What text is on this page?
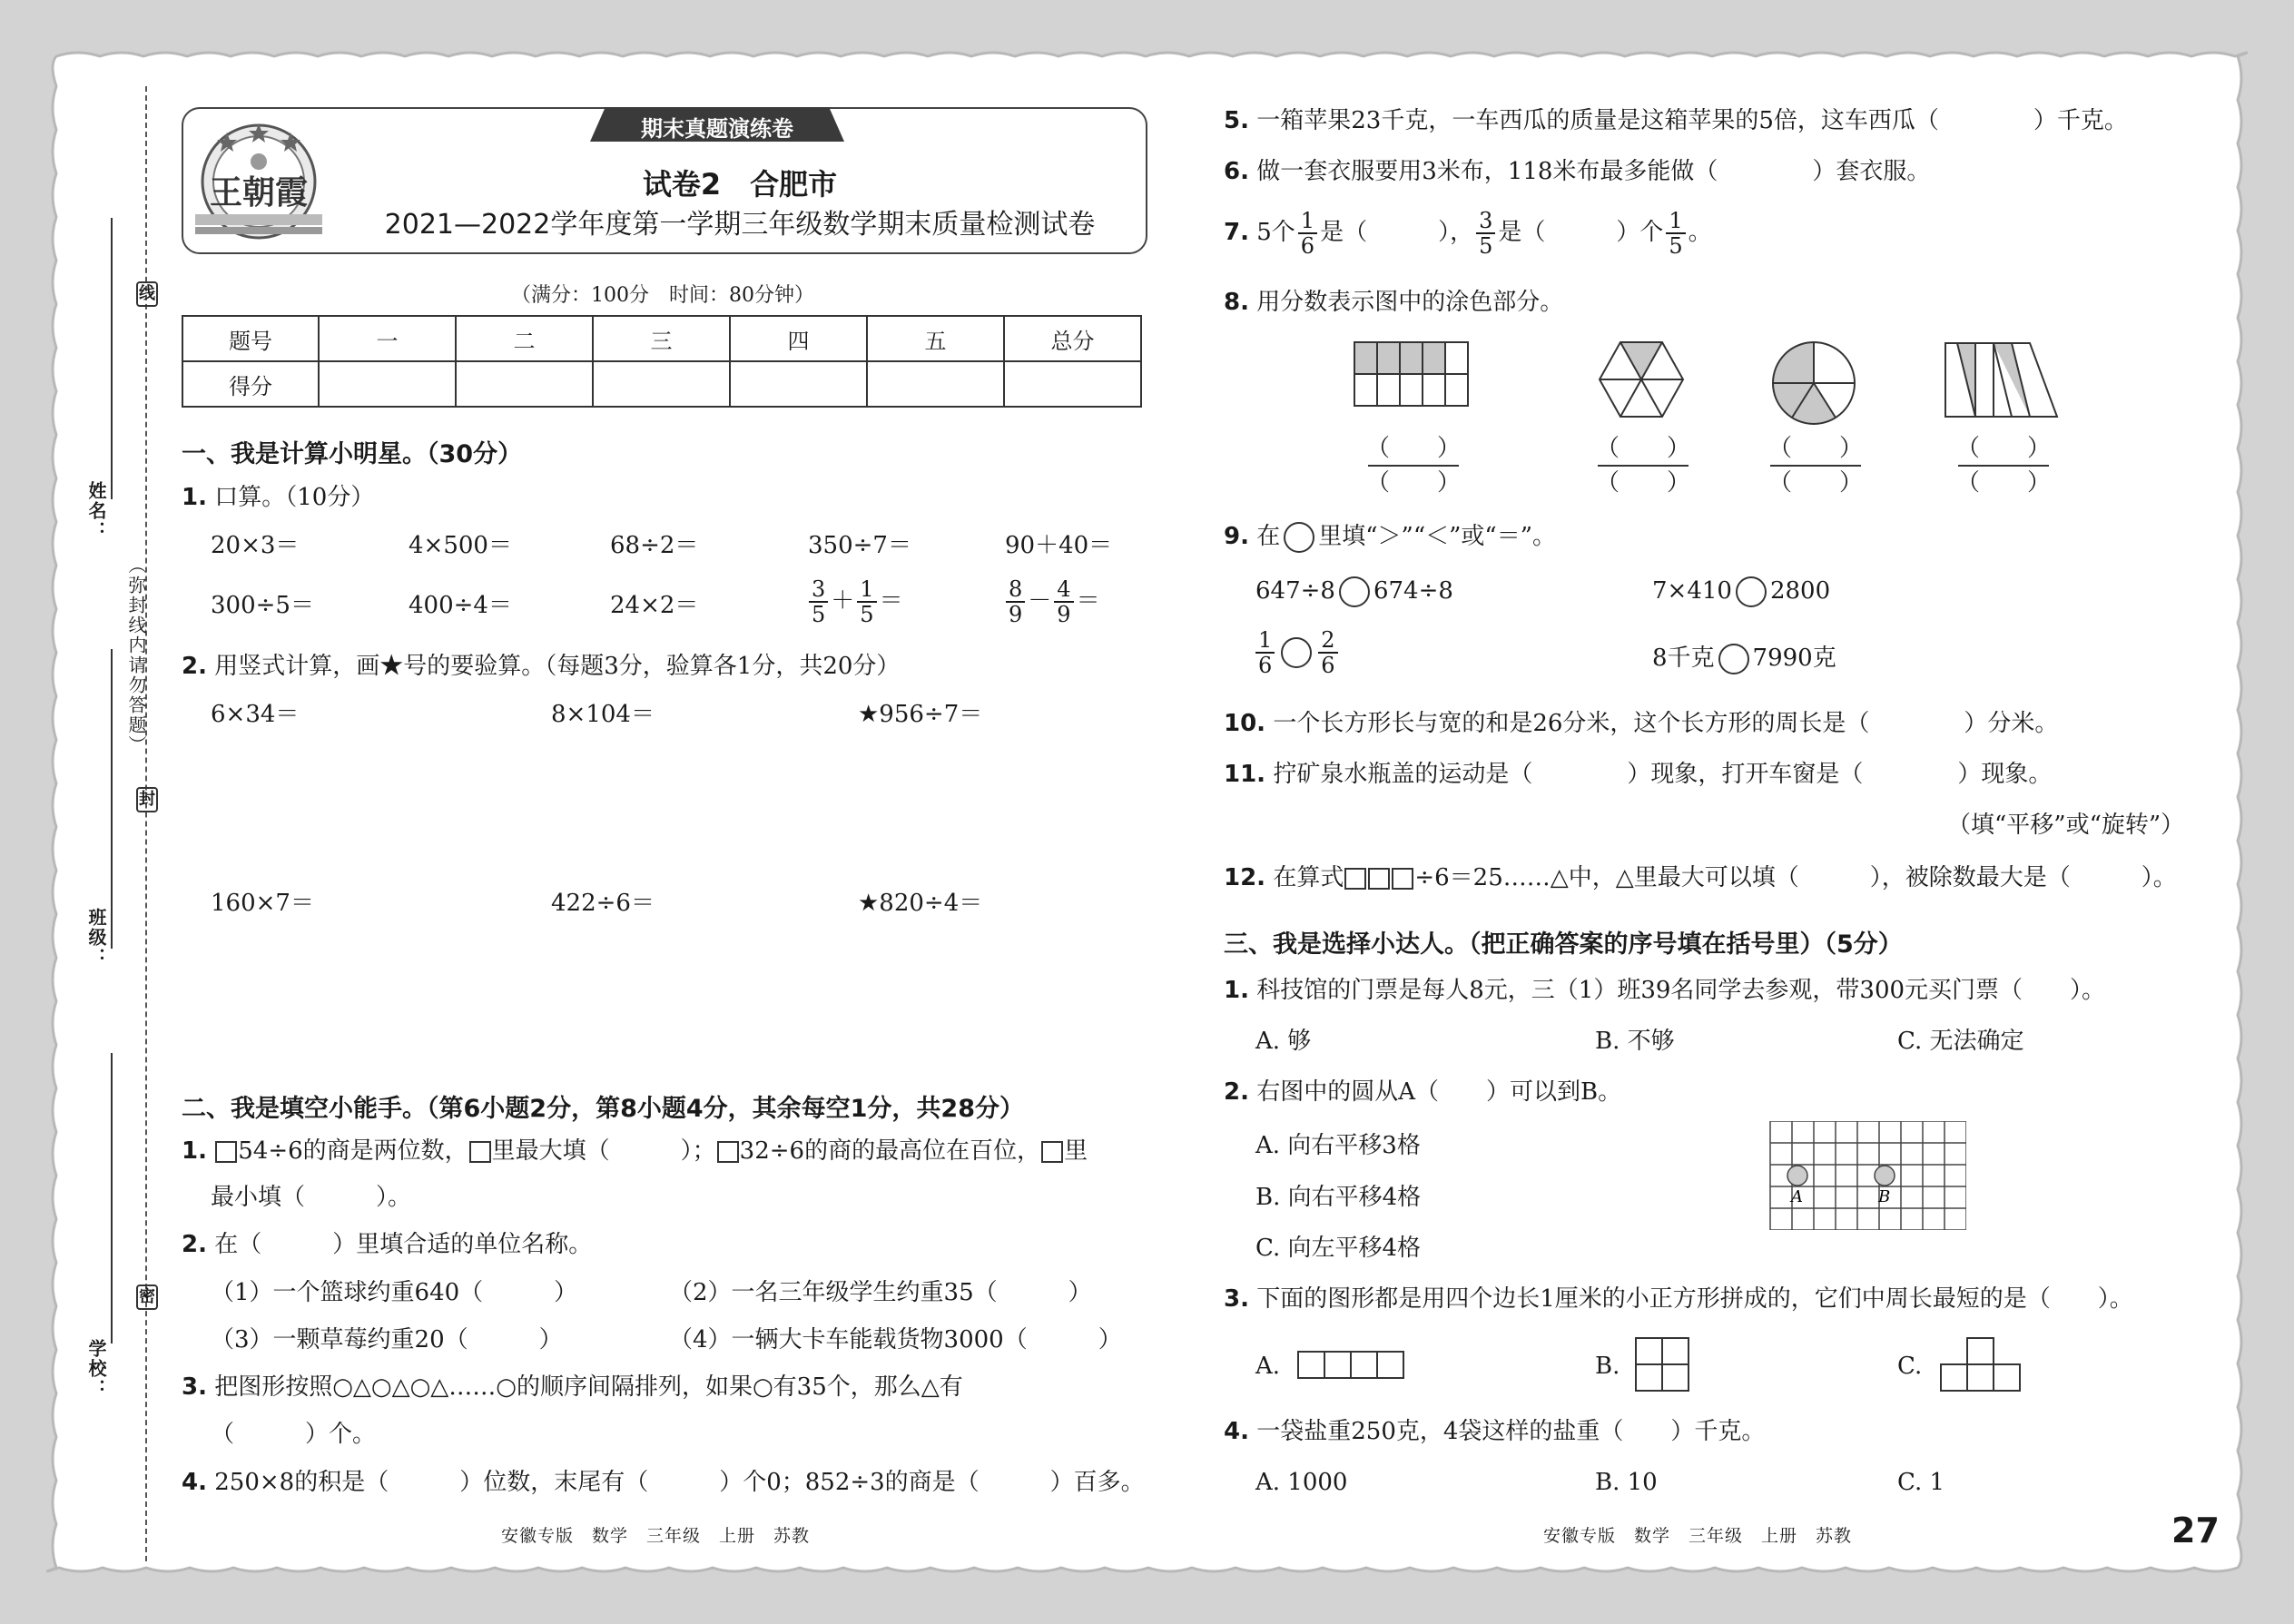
线
封
密
（弥封线内请勿答题）
姓名：
班级：
学校：
期末真题演练卷
王朝霞	试卷2　合肥市
2021—2022学年度第一学期三年级数学期末质量检测试卷
（满分：100分　时间：80分钟）
题号	一	二	三	四	五	总分
得分						
一、我是计算小明星。（30分）
1. 口算。（10分）
20×3＝	4×500＝	68÷2＝	350÷7＝	90＋40＝
300÷5＝	400÷4＝	24×2＝	$\frac{3}{5} + \frac{1}{5}$ ＝	$\frac{8}{9} - \frac{4}{9}$ ＝
2. 用竖式计算，画★号的要验算。（每题3分，验算各1分，共20分）
6×34＝	8×104＝	★956÷7＝
160×7＝	422÷6＝	★820÷4＝
二、我是填空小能手。（第6小题2分，第8小题4分，其余每空1分，共28分）
1. 54÷6的商是两位数， 里最大填（　　　）； 32÷6的商的最高位在百位， 里
最小填（　　　）。
2. 在（　　　）里填合适的单位名称。
（1）一个篮球约重640（　　　）	（2）一名三年级学生约重35（　　　）
（3）一颗草莓约重20（　　　）	（4）一辆大卡车能载货物3000（　　　）
3. 把图形按照○△○△○△……○的顺序间隔排列，如果○有35个，那么△有
（　　　）个。
4. 250×8的积是（　　　）位数，末尾有（　　　）个0；852÷3的商是（　　　）百多。
5. 一箱苹果23千克，一车西瓜的质量是这箱苹果的5倍，这车西瓜（　　　　）千克。
6. 做一套衣服要用3米布，118米布最多能做（　　　　）套衣服。
7. 5个 $\frac{1}{6}$ 是（　　　）， $\frac{3}{5}$ 是（　　　）个 $\frac{1}{5}$ 。
8. 用分数表示图中的涂色部分。
（　　）
（　　）
（　　）
（　　）
（　　）
（　　）
（　　）
（　　）
9. 在 里填“＞”“＜”或“＝”。
647÷8 674÷8	7×410 2800
$\frac{1}{6} \frac{2}{6}$	8千克 7990克
10. 一个长方形长与宽的和是26分米，这个长方形的周长是（　　　　）分米。
11. 拧矿泉水瓶盖的运动是（　　　　）现象，打开车窗是（　　　　）现象。
（填“平移”或“旋转”）
12. 在算式	÷6＝25……△中，△里最大可以填（　　　），被除数最大是（　　　）。
三、我是选择小达人。（把正确答案的序号填在括号里）（5分）
1. 科技馆的门票是每人8元，三（1）班39名同学去参观，带300元买门票（　　）。
A. 够	B. 不够	C. 无法确定
2. 右图中的圆从A（　　）可以到B。
A. 向右平移3格
B. 向右平移4格
C. 向左平移4格
A	B
3. 下面的图形都是用四个边长1厘米的小正方形拼成的，它们中周长最短的是（　　）。
A.	B.	C.
4. 一袋盐重250克，4袋这样的盐重（　　）千克。
A. 1000	B. 10	C. 1
安徽专版　数学　三年级　上册　苏教	安徽专版　数学　三年级　上册　苏教	27
